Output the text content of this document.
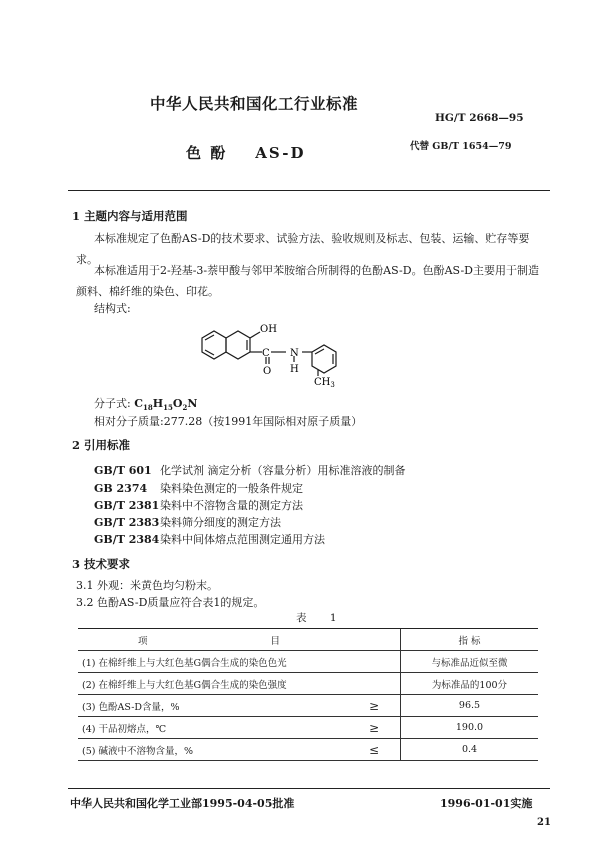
中华人民共和国化工行业标准
HG/T 2668—95
色 酚 AS-D	代替 GB/T 1654—79
1 主题内容与适用范围
本标准规定了色酚AS-D的技术要求、试验方法、验收规则及标志、包装、运输、贮存等要求。
本标准适用于2-羟基-3-萘甲酸与邻甲苯胺缩合所制得的色酚AS-D。色酚AS-D主要用于制造颜料、棉纤维的染色、印花。
结构式:
OH
C
O
N
H
$CH_3$
分子式: $C_{18}H_{15}O_2N$
相对分子质量:277.28（按1991年国际相对原子质量）
2 引用标准
GB/T 601 化学试剂 滴定分析（容量分析）用标准溶液的制备
GB 2374 染料染色测定的一般条件规定
GB/T 2381染料中不溶物含量的测定方法
GB/T 2383染料筛分细度的测定方法
GB/T 2384染料中间体熔点范围测定通用方法
3 技术要求
3.1 外观：米黄色均匀粉末。
3.2 色酚AS-D质量应符合表1的规定。
表 1
项 目		指 标
(1) 在棉纤维上与大红色基G偶合生成的染色色光		与标准品近似至微
(2) 在棉纤维上与大红色基G偶合生成的染色强度		为标准品的100分
(3) 色酚AS-D含量，%	≥	96.5
(4) 干品初熔点，℃	≥	190.0
(5) 碱液中不溶物含量，%	≤	0.4
中华人民共和国化学工业部1995-04-05批准	1996-01-01实施
21
